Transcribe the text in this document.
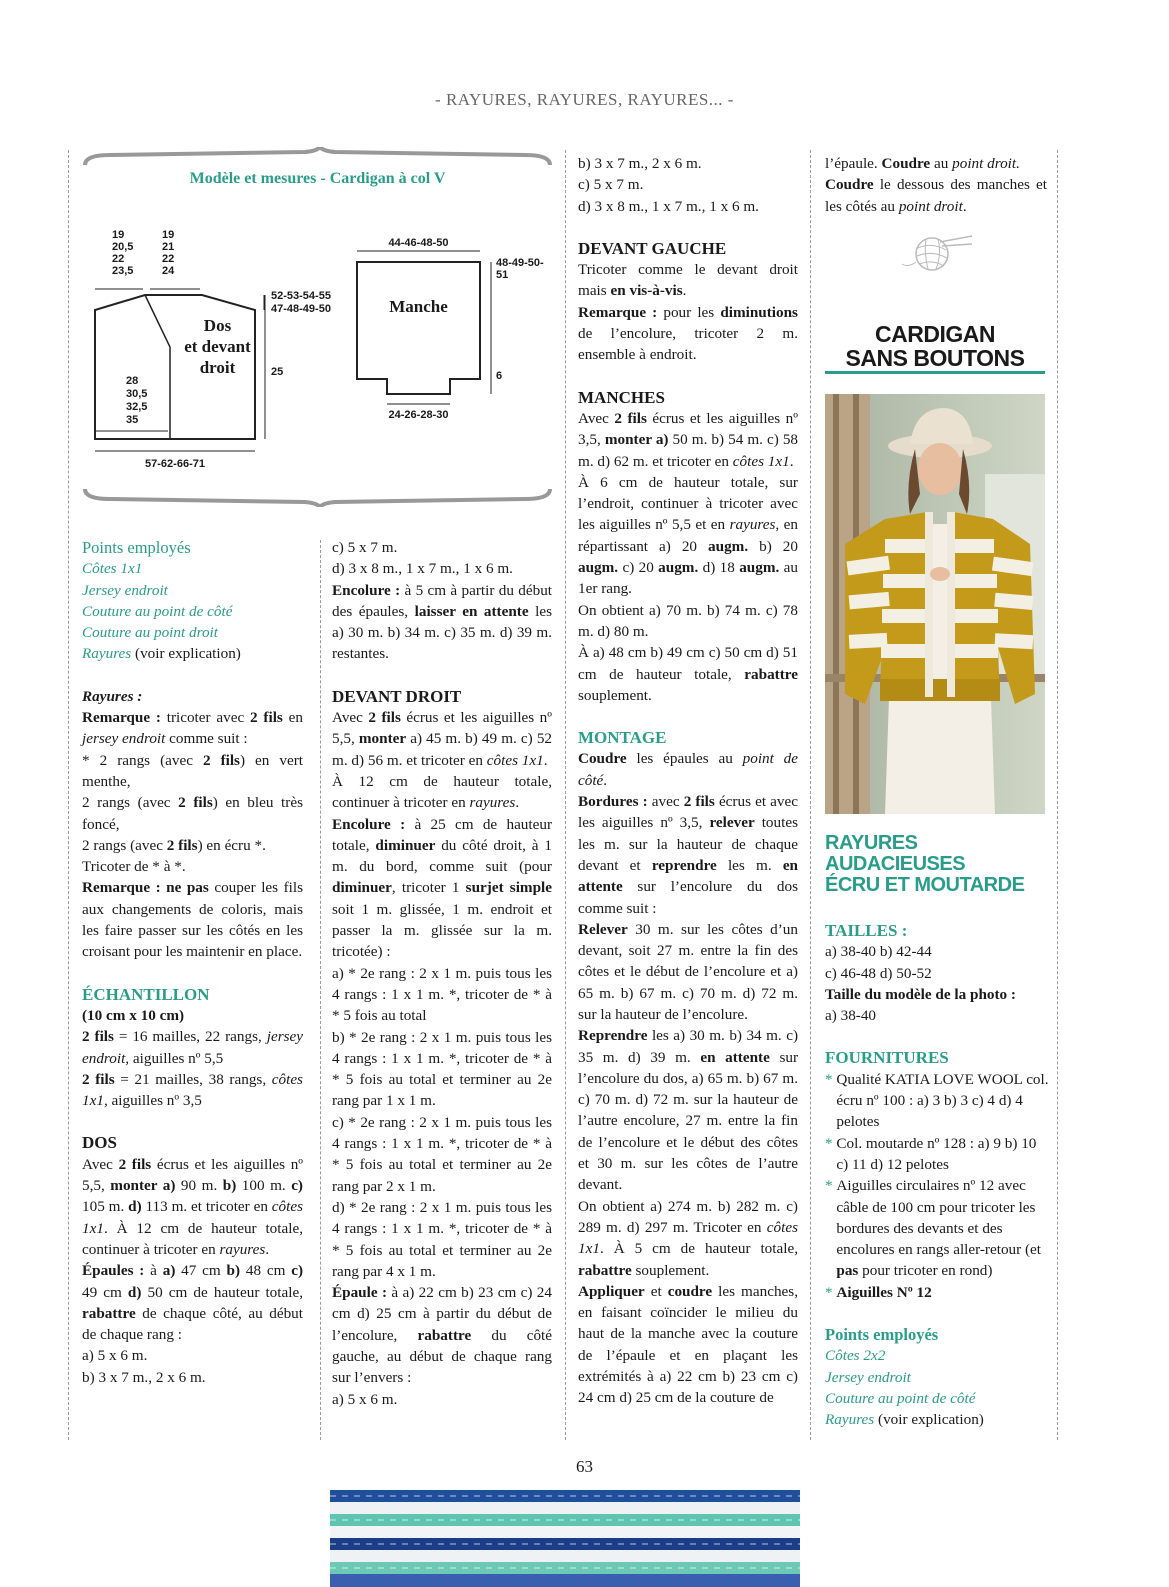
- RAYURES, RAYURES, RAYURES... -
Modèle et mesures - Cardigan à col V
19
20,5
22
23,5
19
21
22
24
28
30,5
32,5
35
Dos
et devant
droit
52-53-54-55
47-48-49-50
25
57-62-66-71
Manche
44-46-48-50
48-49-50-51
6
24-26-28-30

Points employés

Côtes 1x1

Jersey endroit

Couture au point de côté

Couture au point droit

Rayures (voir explication)

Rayures :

Remarque : tricoter avec 2 fils en jersey endroit comme suit :

* 2 rangs (avec 2 fils) en vert menthe,

2 rangs (avec 2 fils) en bleu très foncé,

2 rangs (avec 2 fils) en écru *.

Tricoter de * à *.

Remarque : ne pas couper les fils aux changements de coloris, mais les faire passer sur les côtés en les croisant pour les maintenir en place.

ÉCHANTILLON

(10 cm x 10 cm)

2 fils = 16 mailles, 22 rangs, jersey endroit, aiguilles nº 5,5

2 fils = 21 mailles, 38 rangs, côtes 1x1, aiguilles nº 3,5

DOS

Avec 2 fils écrus et les aiguilles nº 5,5, monter a) 90 m. b) 100 m. c) 105 m. d) 113 m. et tricoter en côtes 1x1. À 12 cm de hauteur totale, continuer à tricoter en rayures.

Épaules : à a) 47 cm b) 48 cm c) 49 cm d) 50 cm de hauteur totale, rabattre de chaque côté, au début de chaque rang :

a) 5 x 6 m.

b) 3 x 7 m., 2 x 6 m.

c) 5 x 7 m.

d) 3 x 8 m., 1 x 7 m., 1 x 6 m.

Encolure : à 5 cm à partir du début des épaules, laisser en attente les a) 30 m. b) 34 m. c) 35 m. d) 39 m. restantes.

DEVANT DROIT

Avec 2 fils écrus et les aiguilles nº 5,5, monter a) 45 m. b) 49 m. c) 52 m. d) 56 m. et tricoter en côtes 1x1.

À 12 cm de hauteur totale, continuer à tricoter en rayures.

Encolure : à 25 cm de hauteur totale, diminuer du côté droit, à 1 m. du bord, comme suit (pour diminuer, tricoter 1 surjet simple soit 1 m. glissée, 1 m. endroit et passer la m. glissée sur la m. tricotée) :

a) * 2e rang : 2 x 1 m. puis tous les 4 rangs : 1 x 1 m. *, tricoter de * à * 5 fois au total

b) * 2e rang : 2 x 1 m. puis tous les 4 rangs : 1 x 1 m. *, tricoter de * à * 5 fois au total et terminer au 2e rang par 1 x 1 m.

c) * 2e rang : 2 x 1 m. puis tous les 4 rangs : 1 x 1 m. *, tricoter de * à * 5 fois au total et terminer au 2e rang par 2 x 1 m.

d) * 2e rang : 2 x 1 m. puis tous les 4 rangs : 1 x 1 m. *, tricoter de * à * 5 fois au total et terminer au 2e rang par 4 x 1 m.

Épaule : à a) 22 cm b) 23 cm c) 24 cm d) 25 cm à partir du début de l’encolure, rabattre du côté gauche, au début de chaque rang sur l’envers :

a) 5 x 6 m.

b) 3 x 7 m., 2 x 6 m.

c) 5 x 7 m.

d) 3 x 8 m., 1 x 7 m., 1 x 6 m.

DEVANT GAUCHE

Tricoter comme le devant droit mais en vis-à-vis.

Remarque : pour les diminutions de l’encolure, tricoter 2 m. ensemble à endroit.

MANCHES

Avec 2 fils écrus et les aiguilles nº 3,5, monter a) 50 m. b) 54 m. c) 58 m. d) 62 m. et tricoter en côtes 1x1.

À 6 cm de hauteur totale, sur l’endroit, continuer à tricoter avec les aiguilles nº 5,5 et en rayures, en répartissant a) 20 augm. b) 20 augm. c) 20 augm. d) 18 augm. au 1er rang.

On obtient a) 70 m. b) 74 m. c) 78 m. d) 80 m.

À a) 48 cm b) 49 cm c) 50 cm d) 51 cm de hauteur totale, rabattre souplement.

MONTAGE

Coudre les épaules au point de côté.

Bordures : avec 2 fils écrus et avec les aiguilles nº 3,5, relever toutes les m. sur la hauteur de chaque devant et reprendre les m. en attente sur l’encolure du dos comme suit :

Relever 30 m. sur les côtes d’un devant, soit 27 m. entre la fin des côtes et le début de l’encolure et a) 65 m. b) 67 m. c) 70 m. d) 72 m. sur la hauteur de l’encolure.

Reprendre les a) 30 m. b) 34 m. c) 35 m. d) 39 m. en attente sur l’encolure du dos, a) 65 m. b) 67 m. c) 70 m. d) 72 m. sur la hauteur de l’autre encolure, 27 m. entre la fin de l’encolure et le début des côtes et 30 m. sur les côtes de l’autre devant.

On obtient a) 274 m. b) 282 m. c) 289 m. d) 297 m. Tricoter en côtes 1x1. À 5 cm de hauteur totale, rabattre souplement.

Appliquer et coudre les manches, en faisant coïncider le milieu du haut de la manche avec la couture de l’épaule et en plaçant les extrémités à a) 22 cm b) 23 cm c) 24 cm d) 25 cm de la couture de

l’épaule. Coudre au point droit.

Coudre le dessous des manches et les côtés au point droit.

CARDIGAN
SANS BOUTONS
RAYURES
AUDACIEUSES
ÉCRU ET MOUTARDE

TAILLES :

a) 38-40 b) 42-44

c) 46-48 d) 50-52

Taille du modèle de la photo :

a) 38-40

FOURNITURES

* Qualité KATIA LOVE WOOL col. écru nº 100 : a) 3 b) 3 c) 4 d) 4 pelotes

* Col. moutarde nº 128 : a) 9 b) 10 c) 11 d) 12 pelotes

* Aiguilles circulaires nº 12 avec câble de 100 cm pour tricoter les bordures des devants et des encolures en rangs aller-retour (et pas pour tricoter en rond)

* Aiguilles Nº 12

Points employés

Côtes 2x2

Jersey endroit

Couture au point de côté

Rayures (voir explication)

63
